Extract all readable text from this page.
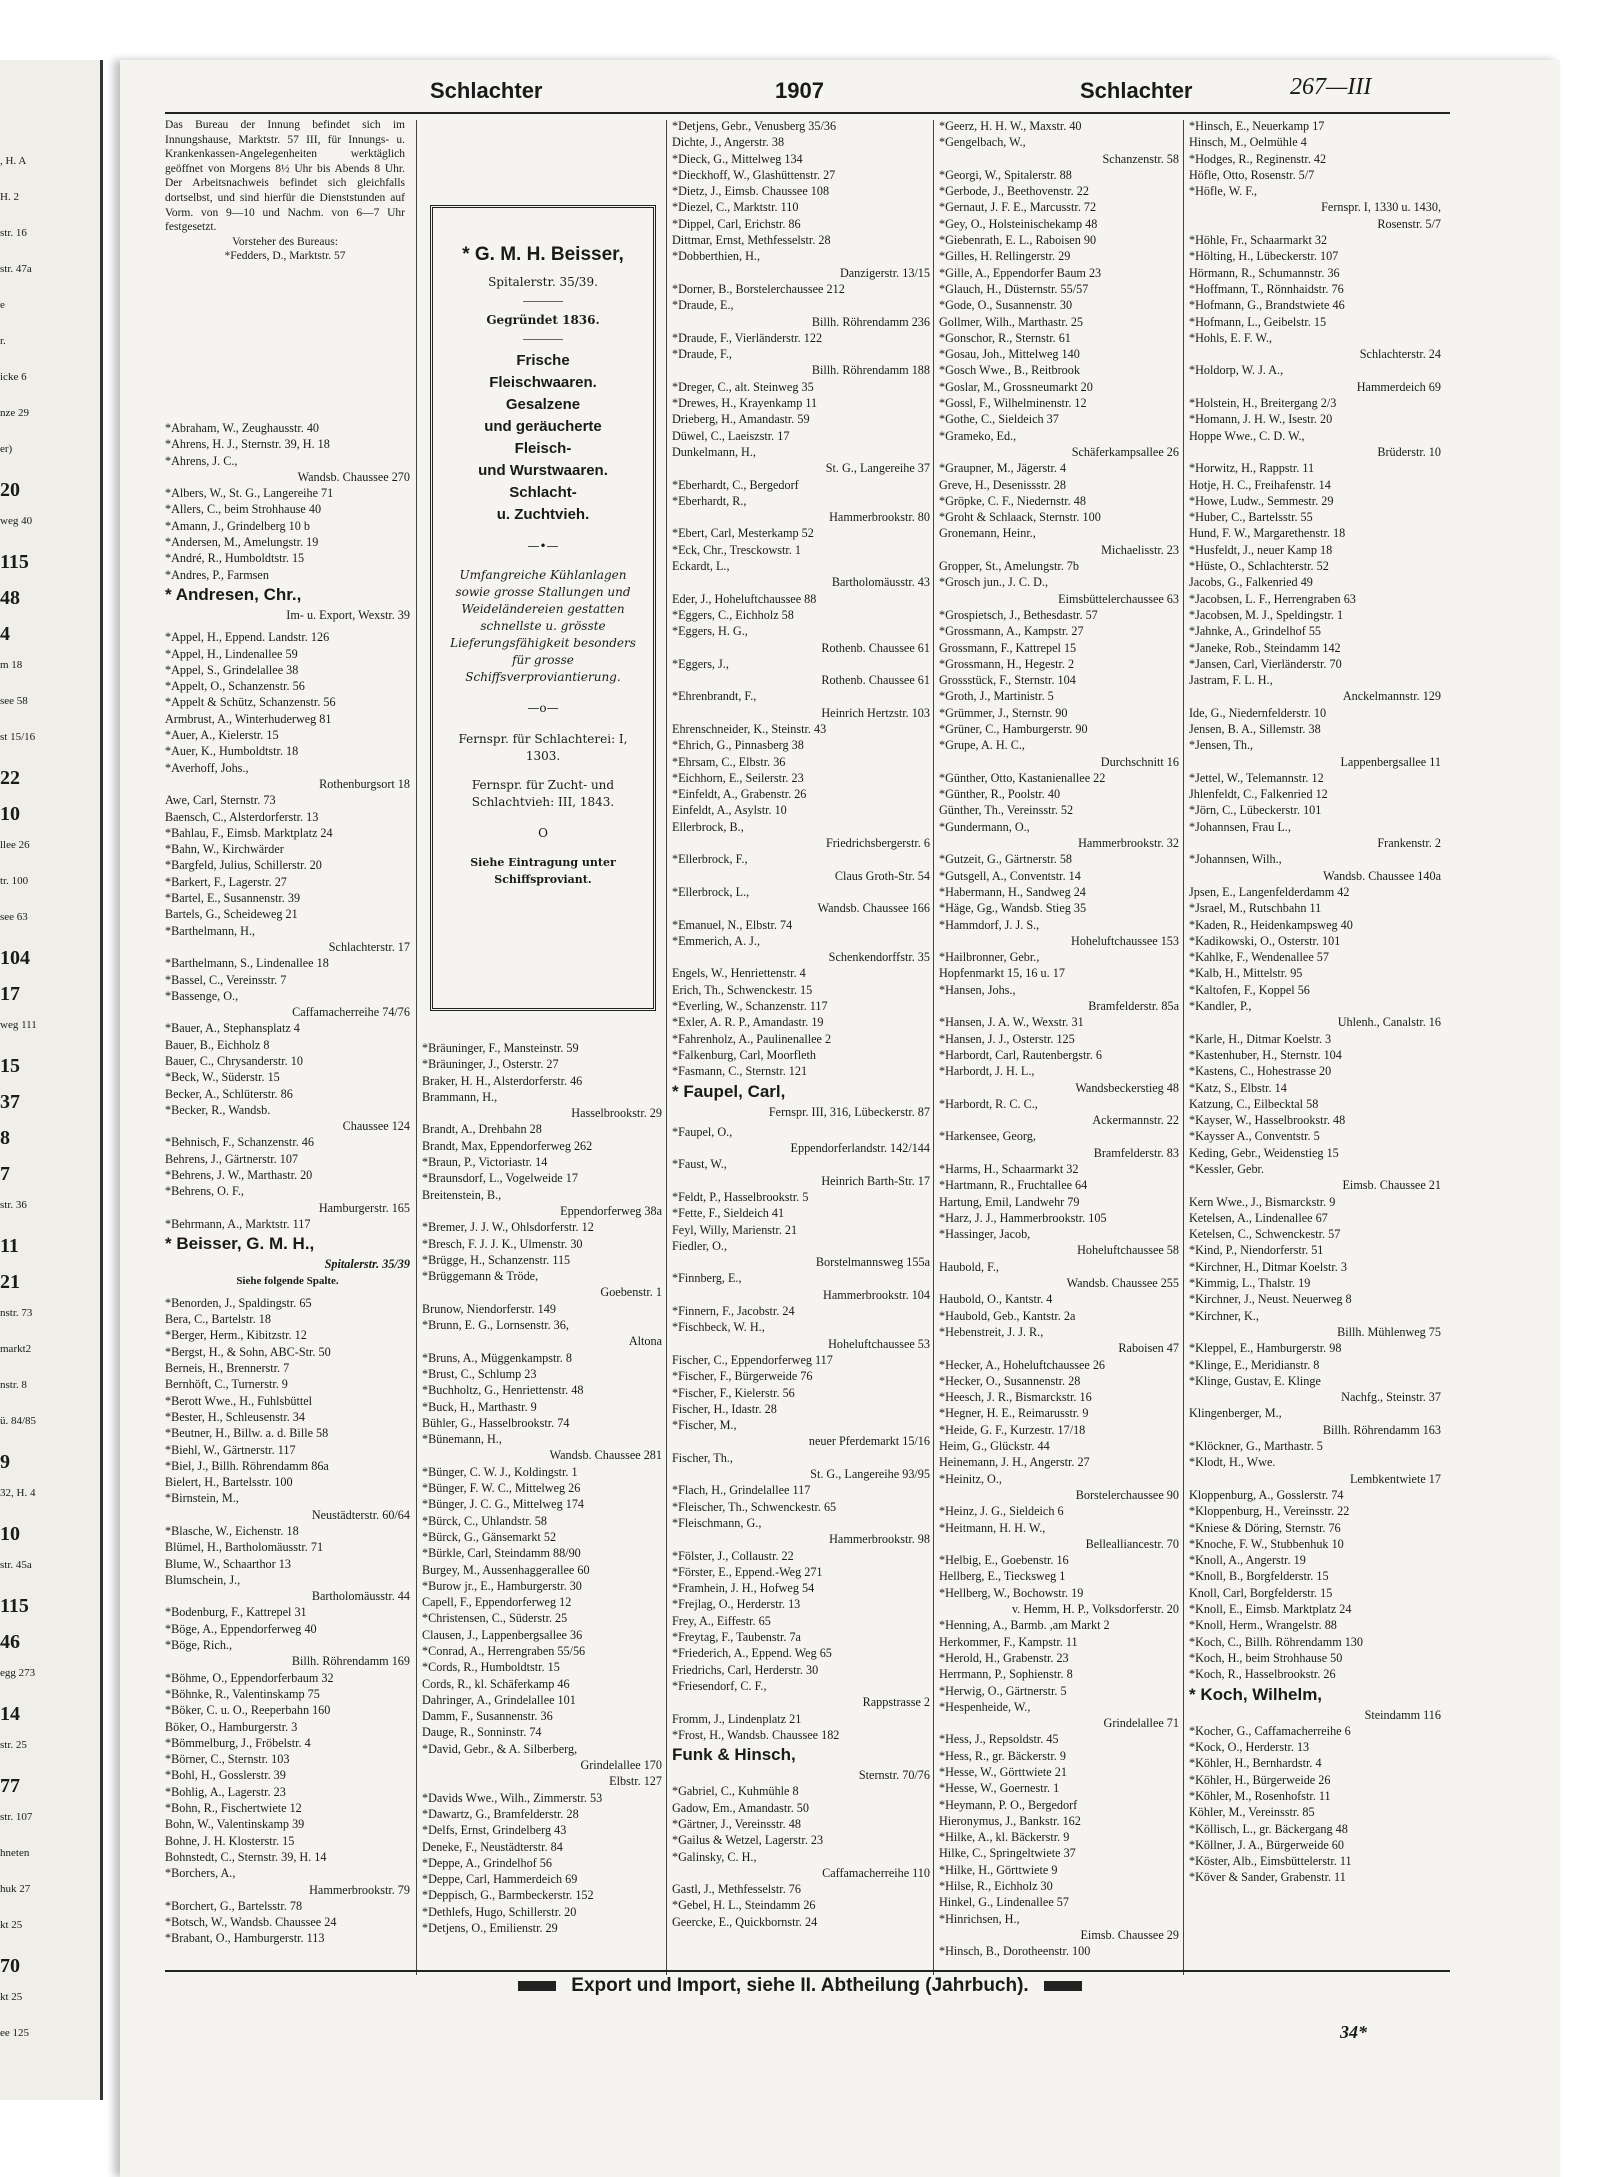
, H. A
H. 2
str. 16
str. 47a
e
r.
icke 6
nze 29
er)
20
weg 40
115
48
4
m 18
see 58
st 15/16
22
10
llee 26
tr. 100
see 63
104
17
weg 111
15
37
8
7
str. 36
11
21
nstr. 73
markt2
nstr. 8
ü. 84/85
9
32, H. 4
10
str. 45a
115
46
egg 273
14
str. 25
77
str. 107
hneten
huk 27
kt 25
70
kt 25
ee 125
Schlachter	1907	Schlachter	267—III
Das Bureau der Innung befindet sich im Innungshause, Marktstr. 57 III, für Innungs- u. Krankenkassen-Angelegenheiten werktäglich geöffnet von Morgens 8½ Uhr bis Abends 8 Uhr. Der Arbeitsnachweis befindet sich gleichfalls dortselbst, und sind hierfür die Dienststunden auf Vorm. von 9—10 und Nachm. von 6—7 Uhr festgesetzt.
Vorsteher des Bureaus:
*Fedders, D., Marktstr. 57
*Abraham, W., Zeughausstr. 40
*Ahrens, H. J., Sternstr. 39, H. 18
*Ahrens, J. C.,
Wandsb. Chaussee 270
*Albers, W., St. G., Langereihe 71
*Allers, C., beim Strohhause 40
*Amann, J., Grindelberg 10 b
*Andersen, M., Amelungstr. 19
*André, R., Humboldtstr. 15
*Andres, P., Farmsen
* Andresen, Chr.,
Im- u. Export, Wexstr. 39
*Appel, H., Eppend. Landstr. 126
*Appel, H., Lindenallee 59
*Appel, S., Grindelallee 38
*Appelt, O., Schanzenstr. 56
*Appelt & Schütz, Schanzenstr. 56
Armbrust, A., Winterhuderweg 81
*Auer, A., Kielerstr. 15
*Auer, K., Humboldtstr. 18
*Averhoff, Johs.,
Rothenburgsort 18
Awe, Carl, Sternstr. 73
Baensch, C., Alsterdorferstr. 13
*Bahlau, F., Eimsb. Marktplatz 24
*Bahn, W., Kirchwärder
*Bargfeld, Julius, Schillerstr. 20
*Barkert, F., Lagerstr. 27
*Bartel, E., Susannenstr. 39
Bartels, G., Scheideweg 21
*Barthelmann, H.,
Schlachterstr. 17
*Barthelmann, S., Lindenallee 18
*Bassel, C., Vereinsstr. 7
*Bassenge, O.,
Caffamacherreihe 74/76
*Bauer, A., Stephansplatz 4
Bauer, B., Eichholz 8
Bauer, C., Chrysanderstr. 10
*Beck, W., Süderstr. 15
Becker, A., Schlüterstr. 86
*Becker, R., Wandsb.
Chaussee 124
*Behnisch, F., Schanzenstr. 46
Behrens, J., Gärtnerstr. 107
*Behrens, J. W., Marthastr. 20
*Behrens, O. F.,
Hamburgerstr. 165
*Behrmann, A., Marktstr. 117
* Beisser, G. M. H.,
Spitalerstr. 35/39
Siehe folgende Spalte.
*Benorden, J., Spaldingstr. 65
Bera, C., Bartelstr. 18
*Berger, Herm., Kibitzstr. 12
*Bergst, H., & Sohn, ABC-Str. 50
Berneis, H., Brennerstr. 7
Bernhöft, C., Turnerstr. 9
*Berott Wwe., H., Fuhlsbüttel
*Bester, H., Schleusenstr. 34
*Beutner, H., Billw. a. d. Bille 58
*Biehl, W., Gärtnerstr. 117
*Biel, J., Billh. Röhrendamm 86a
Bielert, H., Bartelsstr. 100
*Birnstein, M.,
Neustädterstr. 60/64
*Blasche, W., Eichenstr. 18
Blümel, H., Bartholomäusstr. 71
Blume, W., Schaarthor 13
Blumschein, J.,
Bartholomäusstr. 44
*Bodenburg, F., Kattrepel 31
*Böge, A., Eppendorferweg 40
*Böge, Rich.,
Billh. Röhrendamm 169
*Böhme, O., Eppendorferbaum 32
*Böhnke, R., Valentinskamp 75
*Böker, C. u. O., Reeperbahn 160
Böker, O., Hamburgerstr. 3
*Bömmelburg, J., Fröbelstr. 4
*Börner, C., Sternstr. 103
*Bohl, H., Gosslerstr. 39
*Bohlig, A., Lagerstr. 23
*Bohn, R., Fischertwiete 12
Bohn, W., Valentinskamp 39
Bohne, J. H. Klosterstr. 15
Bohnstedt, C., Sternstr. 39, H. 14
*Borchers, A.,
Hammerbrookstr. 79
*Borchert, G., Bartelsstr. 78
*Botsch, W., Wandsb. Chaussee 24
*Brabant, O., Hamburgerstr. 113
* G. M. H. Beisser,
Spitalerstr. 35/39.
Gegründet 1836.
Frische
Fleischwaaren.
Gesalzene
und geräucherte
Fleisch-
und Wurstwaaren.
Schlacht-
u. Zuchtvieh.
—•—
Umfangreiche Kühlanlagen sowie grosse Stallungen und Weideländereien gestatten schnellste u. grösste Lieferungsfähigkeit besonders für grosse Schiffsverproviantierung.
—o—
Fernspr. für Schlachterei: I, 1303.
Fernspr. für Zucht- und Schlachtvieh: III, 1843.
O
Siehe Eintragung unter Schiffsproviant.
*Bräuninger, F., Mansteinstr. 59
*Bräuninger, J., Osterstr. 27
Braker, H. H., Alsterdorferstr. 46
Brammann, H.,
Hasselbrookstr. 29
Brandt, A., Drehbahn 28
Brandt, Max, Eppendorferweg 262
*Braun, P., Victoriastr. 14
*Braunsdorf, L., Vogelweide 17
Breitenstein, B.,
Eppendorferweg 38a
*Bremer, J. J. W., Ohlsdorferstr. 12
*Bresch, F. J. J. K., Ulmenstr. 30
*Brügge, H., Schanzenstr. 115
*Brüggemann & Tröde,
Goebenstr. 1
Brunow, Niendorferstr. 149
*Brunn, E. G., Lornsenstr. 36,
Altona
*Bruns, A., Müggenkampstr. 8
*Brust, C., Schlump 23
*Buchholtz, G., Henriettenstr. 48
*Buck, H., Marthastr. 9
Bühler, G., Hasselbrookstr. 74
*Bünemann, H.,
Wandsb. Chaussee 281
*Bünger, C. W. J., Koldingstr. 1
*Bünger, F. W. C., Mittelweg 26
*Bünger, J. C. G., Mittelweg 174
*Bürck, C., Uhlandstr. 58
*Bürck, G., Gänsemarkt 52
*Bürkle, Carl, Steindamm 88/90
Burgey, M., Aussenhaggerallee 60
*Burow jr., E., Hamburgerstr. 30
Capell, F., Eppendorferweg 12
*Christensen, C., Süderstr. 25
Clausen, J., Lappenbergsallee 36
*Conrad, A., Herrengraben 55/56
*Cords, R., Humboldtstr. 15
Cords, R., kl. Schäferkamp 46
Dahringer, A., Grindelallee 101
Damm, F., Susannenstr. 36
Dauge, R., Sonninstr. 74
*David, Gebr., & A. Silberberg,
Grindelallee 170
Elbstr. 127
*Davids Wwe., Wilh., Zimmerstr. 53
*Dawartz, G., Bramfelderstr. 28
*Delfs, Ernst, Grindelberg 43
Deneke, F., Neustädterstr. 84
*Deppe, A., Grindelhof 56
*Deppe, Carl, Hammerdeich 69
*Deppisch, G., Barmbeckerstr. 152
*Dethlefs, Hugo, Schillerstr. 20
*Detjens, O., Emilienstr. 29
*Detjens, Gebr., Venusberg 35/36
Dichte, J., Angerstr. 38
*Dieck, G., Mittelweg 134
*Dieckhoff, W., Glashüttenstr. 27
*Dietz, J., Eimsb. Chaussee 108
*Diezel, C., Marktstr. 110
*Dippel, Carl, Erichstr. 86
Dittmar, Ernst, Methfesselstr. 28
*Dobberthien, H.,
Danzigerstr. 13/15
*Dorner, B., Borstelerchaussee 212
*Draude, E.,
Billh. Röhrendamm 236
*Draude, F., Vierländerstr. 122
*Draude, F.,
Billh. Röhrendamm 188
*Dreger, C., alt. Steinweg 35
*Drewes, H., Krayenkamp 11
Drieberg, H., Amandastr. 59
Düwel, C., Laeiszstr. 17
Dunkelmann, H.,
St. G., Langereihe 37
*Eberhardt, C., Bergedorf
*Eberhardt, R.,
Hammerbrookstr. 80
*Ebert, Carl, Mesterkamp 52
*Eck, Chr., Tresckowstr. 1
Eckardt, L.,
Bartholomäusstr. 43
Eder, J., Hoheluftchaussee 88
*Eggers, C., Eichholz 58
*Eggers, H. G.,
Rothenb. Chaussee 61
*Eggers, J.,
Rothenb. Chaussee 61
*Ehrenbrandt, F.,
Heinrich Hertzstr. 103
Ehrenschneider, K., Steinstr. 43
*Ehrich, G., Pinnasberg 38
*Ehrsam, C., Elbstr. 36
*Eichhorn, E., Seilerstr. 23
*Einfeldt, A., Grabenstr. 26
Einfeldt, A., Asylstr. 10
Ellerbrock, B.,
Friedrichsbergerstr. 6
*Ellerbrock, F.,
Claus Groth-Str. 54
*Ellerbrock, L.,
Wandsb. Chaussee 166
*Emanuel, N., Elbstr. 74
*Emmerich, A. J.,
Schenkendorffstr. 35
Engels, W., Henriettenstr. 4
Erich, Th., Schwenckestr. 15
*Everling, W., Schanzenstr. 117
*Exler, A. R. P., Amandastr. 19
*Fahrenholz, A., Paulinenallee 2
*Falkenburg, Carl, Moorfleth
*Fasmann, C., Sternstr. 121
* Faupel, Carl,
Fernspr. III, 316, Lübeckerstr. 87
*Faupel, O.,
Eppendorferlandstr. 142/144
*Faust, W.,
Heinrich Barth-Str. 17
*Feldt, P., Hasselbrookstr. 5
*Fette, F., Sieldeich 41
Feyl, Willy, Marienstr. 21
Fiedler, O.,
Borstelmannsweg 155a
*Finnberg, E.,
Hammerbrookstr. 104
*Finnern, F., Jacobstr. 24
*Fischbeck, W. H.,
Hoheluftchaussee 53
Fischer, C., Eppendorferweg 117
*Fischer, F., Bürgerweide 76
*Fischer, F., Kielerstr. 56
Fischer, H., Idastr. 28
*Fischer, M.,
neuer Pferdemarkt 15/16
Fischer, Th.,
St. G., Langereihe 93/95
*Flach, H., Grindelallee 117
*Fleischer, Th., Schwenckestr. 65
*Fleischmann, G.,
Hammerbrookstr. 98
*Fölster, J., Collaustr. 22
*Förster, E., Eppend.-Weg 271
*Framhein, J. H., Hofweg 54
*Frejlag, O., Herderstr. 13
Frey, A., Eiffestr. 65
*Freytag, F., Taubenstr. 7a
*Friederich, A., Eppend. Weg 65
Friedrichs, Carl, Herderstr. 30
*Friesendorf, C. F.,
Rappstrasse 2
Fromm, J., Lindenplatz 21
*Frost, H., Wandsb. Chaussee 182
Funk & Hinsch,
Sternstr. 70/76
*Gabriel, C., Kuhmühle 8
Gadow, Em., Amandastr. 50
*Gärtner, J., Vereinsstr. 48
*Gailus & Wetzel, Lagerstr. 23
*Galinsky, C. H.,
Caffamacherreihe 110
Gastl, J., Methfesselstr. 76
*Gebel, H. L., Steindamm 26
Geercke, E., Quickbornstr. 24
*Geerz, H. H. W., Maxstr. 40
*Gengelbach, W.,
Schanzenstr. 58
*Georgi, W., Spitalerstr. 88
*Gerbode, J., Beethovenstr. 22
*Gernaut, J. F. E., Marcusstr. 72
*Gey, O., Holsteinischekamp 48
*Giebenrath, E. L., Raboisen 90
*Gilles, H. Rellingerstr. 29
*Gille, A., Eppendorfer Baum 23
*Glauch, H., Düsternstr. 55/57
*Gode, O., Susannenstr. 30
Gollmer, Wilh., Marthastr. 25
*Gonschor, R., Sternstr. 61
*Gosau, Joh., Mittelweg 140
*Gosch Wwe., B., Reitbrook
*Goslar, M., Grossneumarkt 20
*Gossl, F., Wilhelminenstr. 12
*Gothe, C., Sieldeich 37
*Grameko, Ed.,
Schäferkampsallee 26
*Graupner, M., Jägerstr. 4
Greve, H., Desenissstr. 28
*Gröpke, C. F., Niedernstr. 48
*Groht & Schlaack, Sternstr. 100
Gronemann, Heinr.,
Michaelisstr. 23
Gropper, St., Amelungstr. 7b
*Grosch jun., J. C. D.,
Eimsbüttelerchaussee 63
*Grospietsch, J., Bethesdastr. 57
*Grossmann, A., Kampstr. 27
Grossmann, F., Kattrepel 15
*Grossmann, H., Hegestr. 2
Grossstück, F., Sternstr. 104
*Groth, J., Martinistr. 5
*Grümmer, J., Sternstr. 90
*Grüner, C., Hamburgerstr. 90
*Grupe, A. H. C.,
Durchschnitt 16
*Günther, Otto, Kastanienallee 22
*Günther, R., Poolstr. 40
Günther, Th., Vereinsstr. 52
*Gundermann, O.,
Hammerbrookstr. 32
*Gutzeit, G., Gärtnerstr. 58
*Gutsgell, A., Conventstr. 14
*Habermann, H., Sandweg 24
*Häge, Gg., Wandsb. Stieg 35
*Hammdorf, J. J. S.,
Hoheluftchaussee 153
*Hailbronner, Gebr.,
Hopfenmarkt 15, 16 u. 17
*Hansen, Johs.,
Bramfelderstr. 85a
*Hansen, J. A. W., Wexstr. 31
*Hansen, J. J., Osterstr. 125
*Harbordt, Carl, Rautenbergstr. 6
*Harbordt, J. H. L.,
Wandsbeckerstieg 48
*Harbordt, R. C. C.,
Ackermannstr. 22
*Harkensee, Georg,
Bramfelderstr. 83
*Harms, H., Schaarmarkt 32
*Hartmann, R., Fruchtallee 64
Hartung, Emil, Landwehr 79
*Harz, J. J., Hammerbrookstr. 105
*Hassinger, Jacob,
Hoheluftchaussee 58
Haubold, F.,
Wandsb. Chaussee 255
Haubold, O., Kantstr. 4
*Haubold, Geb., Kantstr. 2a
*Hebenstreit, J. J. R.,
Raboisen 47
*Hecker, A., Hoheluftchaussee 26
*Hecker, O., Susannenstr. 28
*Heesch, J. R., Bismarckstr. 16
*Hegner, H. E., Reimarusstr. 9
*Heide, G. F., Kurzestr. 17/18
Heim, G., Glückstr. 44
Heinemann, J. H., Angerstr. 27
*Heinitz, O.,
Borstelerchaussee 90
*Heinz, J. G., Sieldeich 6
*Heitmann, H. H. W.,
Bellealliancestr. 70
*Helbig, E., Goebenstr. 16
Hellberg, E., Tiecksweg 1
*Hellberg, W., Bochowstr. 19
v. Hemm, H. P., Volksdorferstr. 20
*Henning, A., Barmb. ,am Markt 2
Herkommer, F., Kampstr. 11
*Herold, H., Grabenstr. 23
Herrmann, P., Sophienstr. 8
*Herwig, O., Gärtnerstr. 5
*Hespenheide, W.,
Grindelallee 71
*Hess, J., Repsoldstr. 45
*Hess, R., gr. Bäckerstr. 9
*Hesse, W., Görttwiete 21
*Hesse, W., Goernestr. 1
*Heymann, P. O., Bergedorf
Hieronymus, J., Bankstr. 162
*Hilke, A., kl. Bäckerstr. 9
Hilke, C., Springeltwiete 37
*Hilke, H., Görttwiete 9
*Hilse, R., Eichholz 30
Hinkel, G., Lindenallee 57
*Hinrichsen, H.,
Eimsb. Chaussee 29
*Hinsch, B., Dorotheenstr. 100
*Hinsch, E., Neuerkamp 17
Hinsch, M., Oelmühle 4
*Hodges, R., Reginenstr. 42
Höfle, Otto, Rosenstr. 5/7
*Höfle, W. F.,
Fernspr. I, 1330 u. 1430,
Rosenstr. 5/7
*Höhle, Fr., Schaarmarkt 32
*Hölting, H., Lübeckerstr. 107
Hörmann, R., Schumannstr. 36
*Hoffmann, T., Rönnhaidstr. 76
*Hofmann, G., Brandstwiete 46
*Hofmann, L., Geibelstr. 15
*Hohls, E. F. W.,
Schlachterstr. 24
*Holdorp, W. J. A.,
Hammerdeich 69
*Holstein, H., Breitergang 2/3
*Homann, J. H. W., Isestr. 20
Hoppe Wwe., C. D. W.,
Brüderstr. 10
*Horwitz, H., Rappstr. 11
Hotje, H. C., Freihafenstr. 14
*Howe, Ludw., Semmestr. 29
*Huber, C., Bartelsstr. 55
Hund, F. W., Margarethenstr. 18
*Husfeldt, J., neuer Kamp 18
*Hüste, O., Schlachterstr. 52
Jacobs, G., Falkenried 49
*Jacobsen, L. F., Herrengraben 63
*Jacobsen, M. J., Speldingstr. 1
*Jahnke, A., Grindelhof 55
*Janeke, Rob., Steindamm 142
*Jansen, Carl, Vierländerstr. 70
Jastram, F. L. H.,
Anckelmannstr. 129
Ide, G., Niedernfelderstr. 10
Jensen, B. A., Sillemstr. 38
*Jensen, Th.,
Lappenbergsallee 11
*Jettel, W., Telemannstr. 12
Jhlenfeldt, C., Falkenried 12
*Jörn, C., Lübeckerstr. 101
*Johannsen, Frau L.,
Frankenstr. 2
*Johannsen, Wilh.,
Wandsb. Chaussee 140a
Jpsen, E., Langenfelderdamm 42
*Jsrael, M., Rutschbahn 11
*Kaden, R., Heidenkampsweg 40
*Kadikowski, O., Osterstr. 101
*Kahlke, F., Wendenallee 57
*Kalb, H., Mittelstr. 95
*Kaltofen, F., Koppel 56
*Kandler, P.,
Uhlenh., Canalstr. 16
*Karle, H., Ditmar Koelstr. 3
*Kastenhuber, H., Sternstr. 104
*Kastens, C., Hohestrasse 20
*Katz, S., Elbstr. 14
Katzung, C., Eilbecktal 58
*Kayser, W., Hasselbrookstr. 48
*Kaysser A., Conventstr. 5
Keding, Gebr., Weidenstieg 15
*Kessler, Gebr.
Eimsb. Chaussee 21
Kern Wwe., J., Bismarckstr. 9
Ketelsen, A., Lindenallee 67
Ketelsen, C., Schwenckestr. 57
*Kind, P., Niendorferstr. 51
*Kirchner, H., Ditmar Koelstr. 3
*Kimmig, L., Thalstr. 19
*Kirchner, J., Neust. Neuerweg 8
*Kirchner, K.,
Billh. Mühlenweg 75
*Kleppel, E., Hamburgerstr. 98
*Klinge, E., Meridianstr. 8
*Klinge, Gustav, E. Klinge
Nachfg., Steinstr. 37
Klingenberger, M.,
Billh. Röhrendamm 163
*Klöckner, G., Marthastr. 5
*Klodt, H., Wwe.
Lembkentwiete 17
Kloppenburg, A., Gosslerstr. 74
*Kloppenburg, H., Vereinsstr. 22
*Kniese & Döring, Sternstr. 76
*Knoche, F. W., Stubbenhuk 10
*Knoll, A., Angerstr. 19
*Knoll, B., Borgfelderstr. 15
Knoll, Carl, Borgfelderstr. 15
*Knoll, E., Eimsb. Marktplatz 24
*Knoll, Herm., Wrangelstr. 88
*Koch, C., Billh. Röhrendamm 130
*Koch, H., beim Strohhause 50
*Koch, R., Hasselbrookstr. 26
* Koch, Wilhelm,
Steindamm 116
*Kocher, G., Caffamacherreihe 6
*Kock, O., Herderstr. 13
*Köhler, H., Bernhardstr. 4
*Köhler, H., Bürgerweide 26
*Köhler, M., Rosenhofstr. 11
Köhler, M., Vereinsstr. 85
*Köllisch, L., gr. Bäckergang 48
*Köllner, J. A., Bürgerweide 60
*Köster, Alb., Eimsbüttelerstr. 11
*Köver & Sander, Grabenstr. 11
Export und Import, siehe II. Abtheilung (Jahrbuch).
34*
